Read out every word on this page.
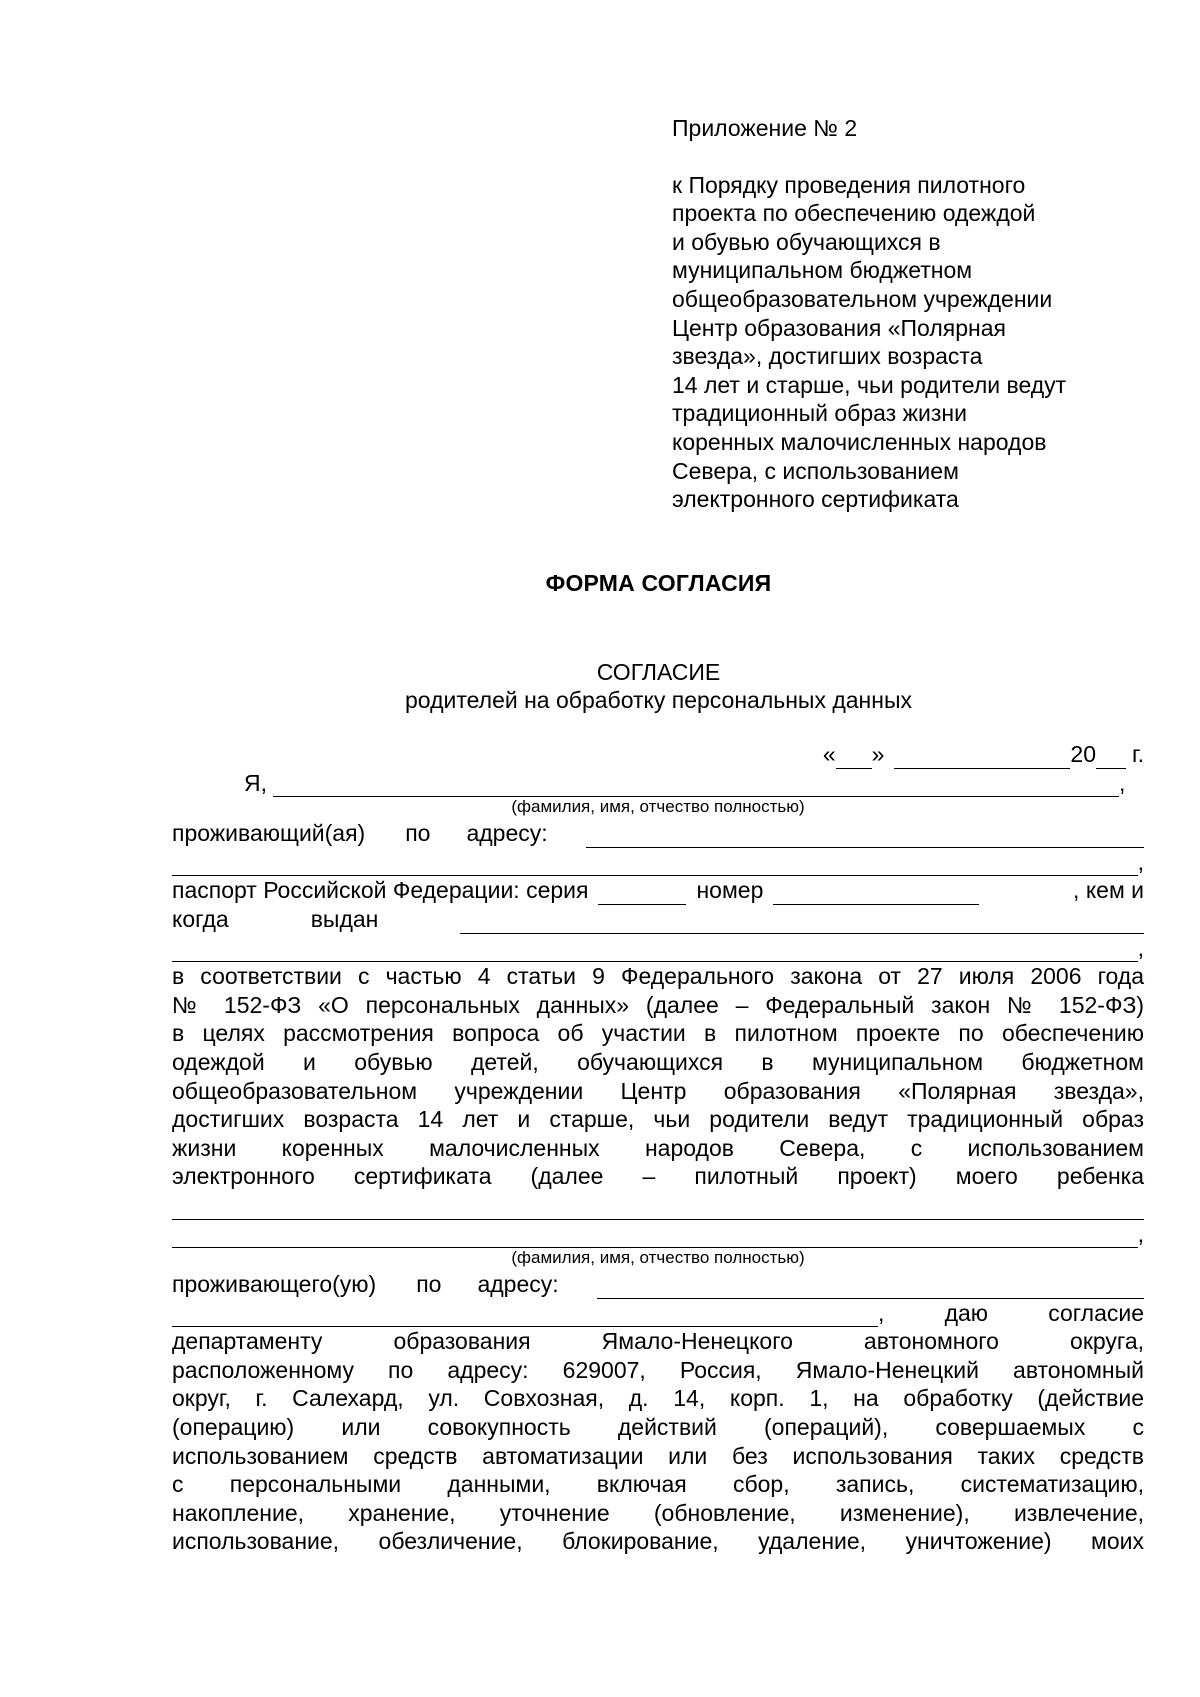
Приложение № 2
к Порядку проведения пилотного
проекта по обеспечению одеждой
и обувью обучающихся в
муниципальном бюджетном
общеобразовательном учреждении
Центр образования «Полярная
звезда», достигших возраста
14 лет и старше, чьи родители ведут
традиционный образ жизни
коренных малочисленных народов
Севера, с использованием
электронного сертификата
ФОРМА СОГЛАСИЯ
СОГЛАСИЕ
родителей на обработку персональных данных
« »	20 г.
Я,	,
(фамилия, имя, отчество полностью)
проживающий(ая) по адресу:
,
паспорт Российской Федерации: серия	номер	, кем и
когда	выдан
,
в соответствии с частью 4 статьи 9 Федерального закона от 27 июля 2006 года
№ 152-ФЗ «О персональных данных» (далее – Федеральный закон № 152-ФЗ)
в целях рассмотрения вопроса об участии в пилотном проекте по обеспечению
одеждой и обувью детей, обучающихся в муниципальном бюджетном
общеобразовательном учреждении Центр образования «Полярная звезда»,
достигших возраста 14 лет и старше, чьи родители ведут традиционный образ
жизни коренных малочисленных народов Севера, с использованием
электронного сертификата (далее – пилотный проект) моего ребенка
,
(фамилия, имя, отчество полностью)
проживающего(ую) по адресу:
, даю согласие
департаменту образования Ямало-Ненецкого автономного округа,
расположенному по адресу: 629007, Россия, Ямало-Ненецкий автономный
округ, г. Салехард, ул. Совхозная, д. 14, корп. 1, на обработку (действие
(операцию) или совокупность действий (операций), совершаемых с
использованием средств автоматизации или без использования таких средств
с персональными данными, включая сбор, запись, систематизацию,
накопление, хранение, уточнение (обновление, изменение), извлечение,
использование, обезличение, блокирование, удаление, уничтожение) моих
